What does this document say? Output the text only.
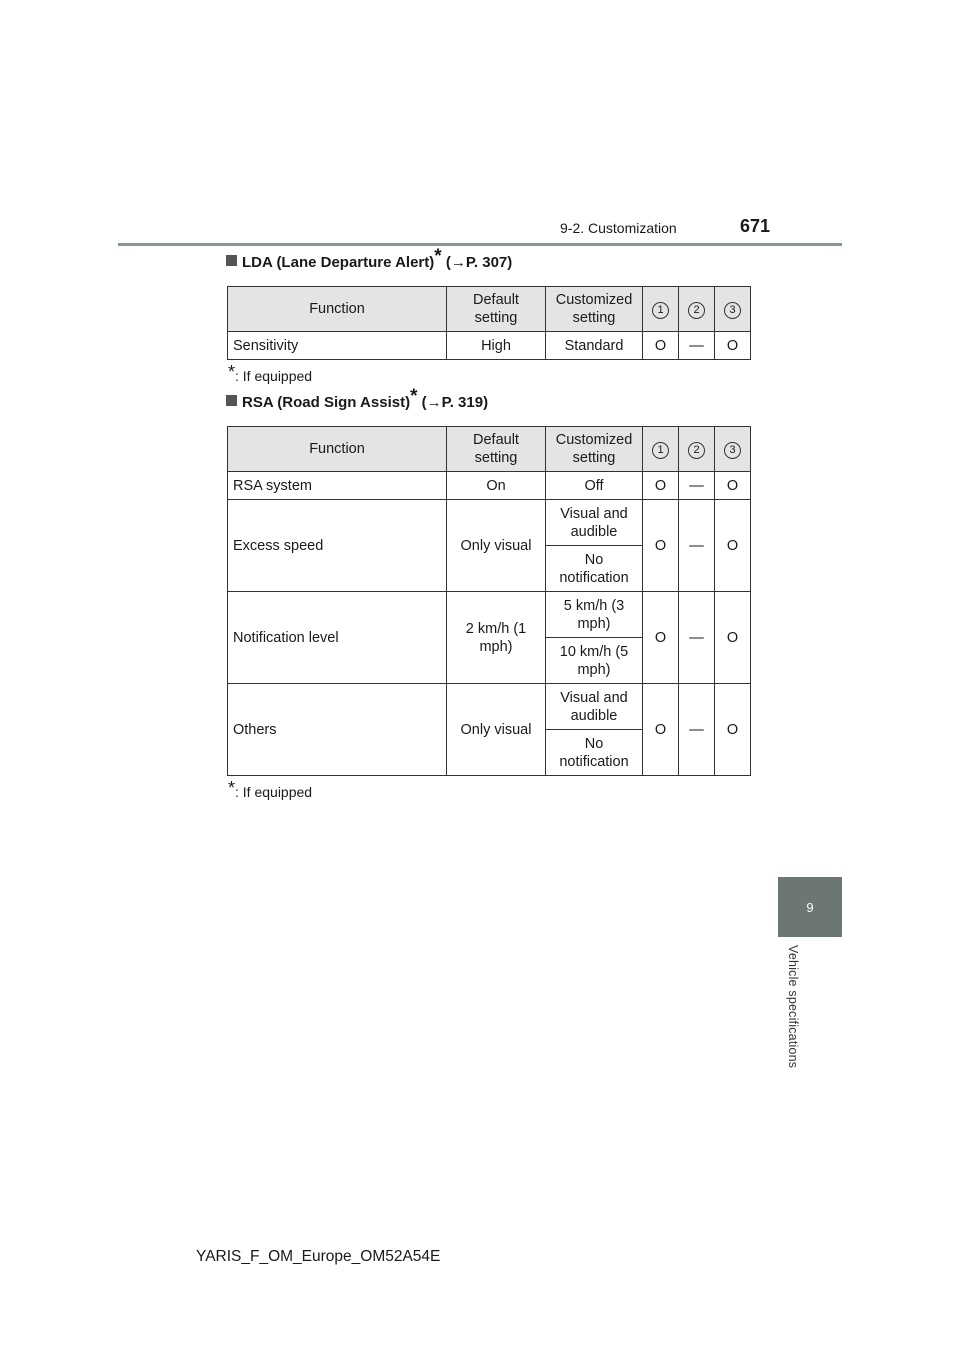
9-2. Customization	671
9
Vehicle specifications
LDA (Lane Departure Alert)* (→P. 307)
Function	Default setting	Customized setting	1	2	3
Sensitivity	High	Standard	O	—	O
*: If equipped
RSA (Road Sign Assist)* (→P. 319)
Function	Default setting	Customized setting	1	2	3
RSA system	On	Off	O	—	O
Excess speed	Only visual	Visual and audible	O	—	O
		No notification			
Notification level	2 km/h (1 mph)	5 km/h (3 mph)	O	—	O
		10 km/h (5 mph)			
Others	Only visual	Visual and audible	O	—	O
		No notification			
*: If equipped
YARIS_F_OM_Europe_OM52A54E
